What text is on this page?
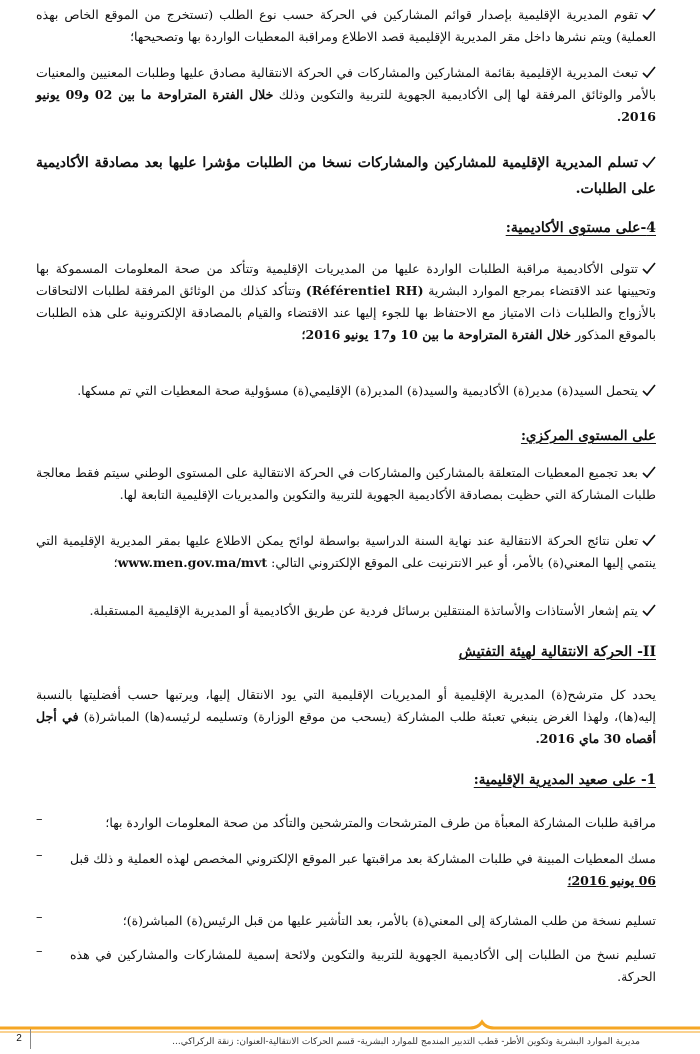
تقوم المديرية الإقليمية بإصدار قوائم المشاركين في الحركة حسب نوع الطلب (تستخرج من الموقع الخاص بهذه العملية) ويتم نشرها داخل مقر المديرية الإقليمية قصد الاطلاع ومراقبة المعطيات الواردة بها وتصحيحها؛
تبعث المديرية الإقليمية بقائمة المشاركين والمشاركات في الحركة الانتقالية مصادق عليها وطلبات المعنيين والمعنيات بالأمر والوثائق المرفقة لها إلى الأكاديمية الجهوية للتربية والتكوين وذلك خلال الفترة المتراوحة ما بين 02 و09 يونيو 2016.
تسلم المديرية الإقليمية للمشاركين والمشاركات نسخا من الطلبات مؤشرا عليها بعد مصادقة الأكاديمية على الطلبات.
4-على مستوى الأكاديمية:
تتولى الأكاديمية مراقبة الطلبات الواردة عليها من المديريات الإقليمية وتتأكد من صحة المعلومات المسموكة بها وتحيينها عند الاقتضاء بمرجع الموارد البشرية (Référentiel RH) وتتأكد كذلك من الوثائق المرفقة لطلبات الالتحاقات بالأزواج والطلبات ذات الامتياز مع الاحتفاظ بها للجوء إليها عند الاقتضاء والقيام بالمصادقة الإلكترونية على هذه الطلبات بالموقع المذكور خلال الفترة المتراوحة ما بين 10 و17 يونيو 2016؛
يتحمل السيد(ة) مدير(ة) الأكاديمية والسيد(ة) المدير(ة) الإقليمي(ة) مسؤولية صحة المعطيات التي تم مسكها.
على المستوى المركزي:
بعد تجميع المعطيات المتعلقة بالمشاركين والمشاركات في الحركة الانتقالية على المستوى الوطني سيتم فقط معالجة طلبات المشاركة التي حظيت بمصادقة الأكاديمية الجهوية للتربية والتكوين والمديريات الإقليمية التابعة لها.
تعلن نتائج الحركة الانتقالية عند نهاية السنة الدراسية بواسطة لوائح يمكن الاطلاع عليها بمقر المديرية الإقليمية التي ينتمي إليها المعني(ة) بالأمر، أو عبر الانترنيت على الموقع الإلكتروني التالي: www.men.gov.ma/mvt؛
يتم إشعار الأستاذات والأساتذة المنتقلين برسائل فردية عن طريق الأكاديمية أو المديرية الإقليمية المستقبلة.
II- الحركة الانتقالية لهيئة التفتيش
يحدد كل مترشح(ة) المديرية الإقليمية أو المديريات الإقليمية التي يود الانتقال إليها، ويرتبها حسب أفضليتها بالنسبة إليه(ها)، ولهذا الغرض ينبغي تعبئة طلب المشاركة (يسحب من موقع الوزارة) وتسليمه لرئيسه(ها) المباشر(ة) في أجل أقصاه 30 ماي 2016.
1- على صعيد المديرية الإقليمية:
–	مراقبة طلبات المشاركة المعبأة من طرف المترشحات والمترشحين والتأكد من صحة المعلومات الواردة بها؛
–	مسك المعطيات المبينة في طلبات المشاركة بعد مراقبتها عبر الموقع الإلكتروني المخصص لهذه العملية و ذلك قبل 06 يونيو 2016؛
–	تسليم نسخة من طلب المشاركة إلى المعني(ة) بالأمر، بعد التأشير عليها من قبل الرئيس(ة) المباشر(ة)؛
–	تسليم نسخ من الطلبات إلى الأكاديمية الجهوية للتربية والتكوين ولائحة إسمية للمشاركات والمشاركين في هذه الحركة.
مديرية الموارد البشرية وتكوين الأطر- قطب التدبير المندمج للموارد البشرية- قسم الحركات الانتقالية-العنوان: زنقة الركراكي...
2
